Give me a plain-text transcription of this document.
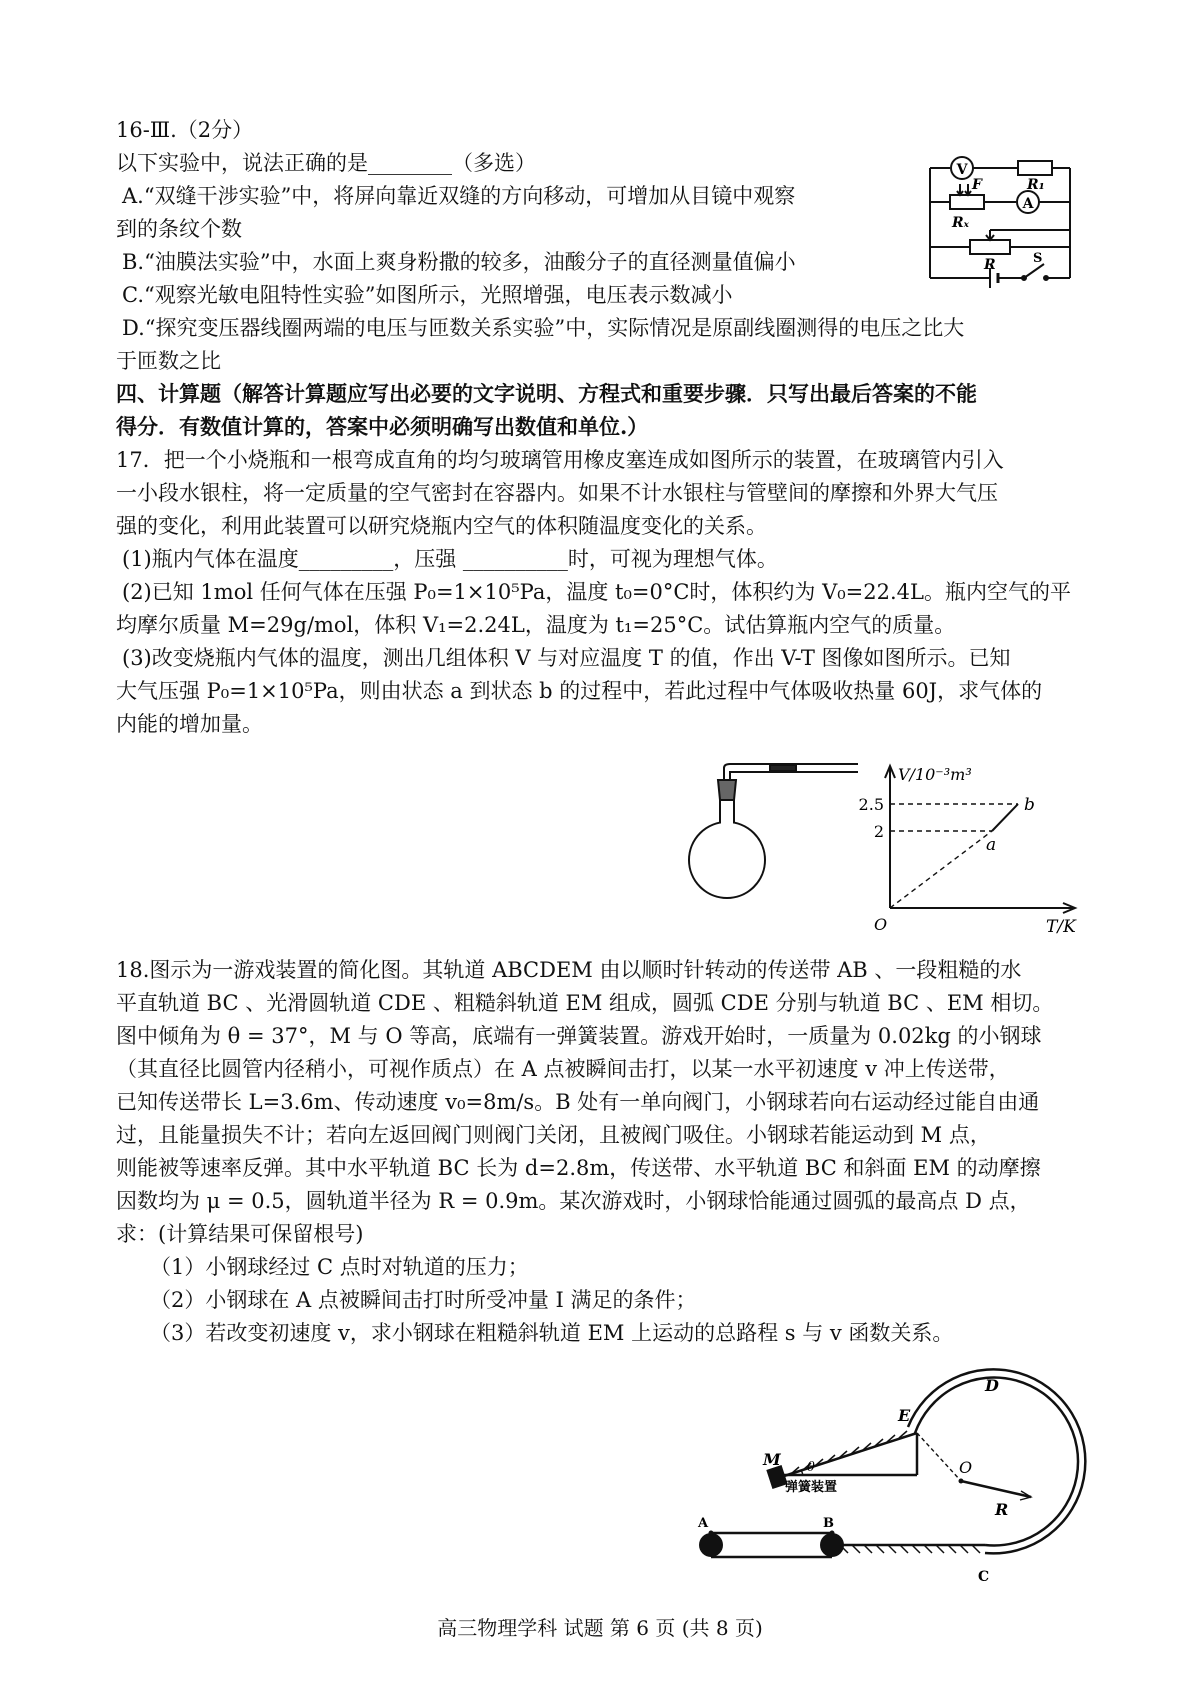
16-Ⅲ.（2分）
以下实验中，说法正确的是________（多选）
A.“双缝干涉实验”中，将屏向靠近双缝的方向移动，可增加从目镜中观察
到的条纹个数
B.“油膜法实验”中，水面上爽身粉撒的较多，油酸分子的直径测量值偏小
C.“观察光敏电阻特性实验”如图所示，光照增强，电压表示数减小
D.“探究变压器线圈两端的电压与匝数关系实验”中，实际情况是原副线圈测得的电压之比大
于匝数之比
V
A
R₁
F
Rₓ
R	S
四、计算题（解答计算题应写出必要的文字说明、方程式和重要步骤．只写出最后答案的不能
得分．有数值计算的，答案中必须明确写出数值和单位.）
17．把一个小烧瓶和一根弯成直角的均匀玻璃管用橡皮塞连成如图所示的装置，在玻璃管内引入
一小段水银柱，将一定质量的空气密封在容器内。如果不计水银柱与管壁间的摩擦和外界大气压
强的变化，利用此装置可以研究烧瓶内空气的体积随温度变化的关系。
(1)瓶内气体在温度_________，压强 __________时，可视为理想气体。
(2)已知 1mol 任何气体在压强 P₀=1×10⁵Pa，温度 t₀=0°C时，体积约为 V₀=22.4L。瓶内空气的平
均摩尔质量 M=29g/mol，体积 V₁=2.24L，温度为 t₁=25°C。试估算瓶内空气的质量。
(3)改变烧瓶内气体的温度，测出几组体积 V 与对应温度 T 的值，作出 V-T 图像如图所示。已知
大气压强 P₀=1×10⁵Pa，则由状态 a 到状态 b 的过程中，若此过程中气体吸收热量 60J，求气体的
内能的增加量。
V/10⁻³m³
T/K
O
2.5
2
a
b
18.图示为一游戏装置的简化图。其轨道 ABCDEM 由以顺时针转动的传送带 AB 、一段粗糙的水
平直轨道 BC 、光滑圆轨道 CDE 、粗糙斜轨道 EM 组成，圆弧 CDE 分别与轨道 BC 、EM 相切。
图中倾角为 θ = 37°，M 与 O 等高，底端有一弹簧装置。游戏开始时，一质量为 0.02kg 的小钢球
（其直径比圆管内径稍小，可视作质点）在 A 点被瞬间击打，以某一水平初速度 v 冲上传送带，
已知传送带长 L=3.6m、传动速度 v₀=8m/s。B 处有一单向阀门，小钢球若向右运动经过能自由通
过，且能量损失不计；若向左返回阀门则阀门关闭，且被阀门吸住。小钢球若能运动到 M 点，
则能被等速率反弹。其中水平轨道 BC 长为 d=2.8m，传送带、水平轨道 BC 和斜面 EM 的动摩擦
因数均为 μ = 0.5，圆轨道半径为 R = 0.9m。某次游戏时，小钢球恰能通过圆弧的最高点 D 点，
求：(计算结果可保留根号)
（1）小钢球经过 C 点时对轨道的压力；
（2）小钢球在 A 点被瞬间击打时所受冲量 I 满足的条件；
（3）若改变初速度 v，求小钢球在粗糙斜轨道 EM 上运动的总路程 s 与 v 函数关系。
A	B
C
D
E
M	O
R
θ
弹簧装置
高三物理学科 试题 第 6 页 (共 8 页)
